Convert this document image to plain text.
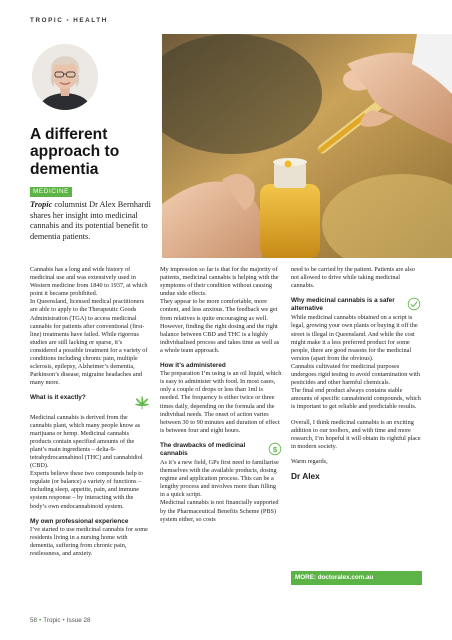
TROPIC • HEALTH
A different approach to dementia
MEDICINE

Tropic columnist Dr Alex Bernhardi shares her insight into medicinal cannabis and its potential benefit to dementia patients.

Cannabis has a long and wide history of medicinal use and was extensively used in Western medicine from 1840 to 1937, at which point it became prohibited.

In Queensland, licensed medical practitioners are able to apply to the Therapeutic Goods Administration (TGA) to access medicinal cannabis for patients after conventional (first-line) treatments have failed. While rigorous studies are still lacking or sparse, it’s considered a possible treatment for a variety of conditions including chronic pain, multiple sclerosis, epilepsy, Alzheimer’s dementia, Parkinson’s disease, migraine headaches and many more.

What is it exactly?

Medicinal cannabis is derived from the cannabis plant, which many people know as marijuana or hemp. Medicinal cannabis products contain specified amounts of the plant’s main ingredients – delta-9-tetrahydrocannabinol (THC) and cannabidiol (CBD).

Experts believe these two compounds help to regulate (or balance) a variety of functions – including sleep, appetite, pain, and immune system response – by interacting with the body’s own endocannabinoid system.

My own professional experience

I’ve started to use medicinal cannabis for some residents living in a nursing home with dementia, suffering from chronic pain, restlessness, and anxiety.

My impression so far is that for the majority of patients, medicinal cannabis is helping with the symptoms of their condition without causing undue side effects.

They appear to be more comfortable, more content, and less anxious. The feedback we get from relatives is quite encouraging as well.

However, finding the right dosing and the right balance between CBD and THC is a highly individualised process and takes time as well as a whole team approach.

How it’s administered

The preparation I’m using is an oil liquid, which is easy to administer with food. In most cases, only a couple of drops or less than 1ml is needed. The frequency is either twice or three times daily, depending on the formula and the individual needs. The onset of action varies between 30 to 90 minutes and duration of effect is between four and eight hours.

The drawbacks of medicinal cannabis	$

As it’s a new field, GPs first need to familiarise themselves with the available products, dosing regime and application process. This can be a lengthy process and involves more than filling in a quick script.

Medicinal cannabis is not financially supported by the Pharmaceutical Benefits Scheme (PBS) system either, so costs

need to be carried by the patient. Patients are also not allowed to drive while taking medicinal cannabis.

Why medicinal cannabis is a safer alternative

While medicinal cannabis obtained on a script is legal, growing your own plants or buying it off the street is illegal in Queensland. And while the cost might make it a less preferred product for some people, there are good reasons for the medicinal version (apart from the obvious).

Cannabis cultivated for medicinal purposes undergoes rigid testing to avoid contamination with pesticides and other harmful chemicals.

The final end product always contains stable amounts of specific cannabinoid compounds, which is important to get reliable and predictable results.

Overall, I think medicinal cannabis is an exciting addition to our toolbox, and with time and more research, I’m hopeful it will obtain its rightful place in modern society.

Warm regards,

Dr Alex
MORE: doctoralex.com.au
58 • Tropic • Issue 28
